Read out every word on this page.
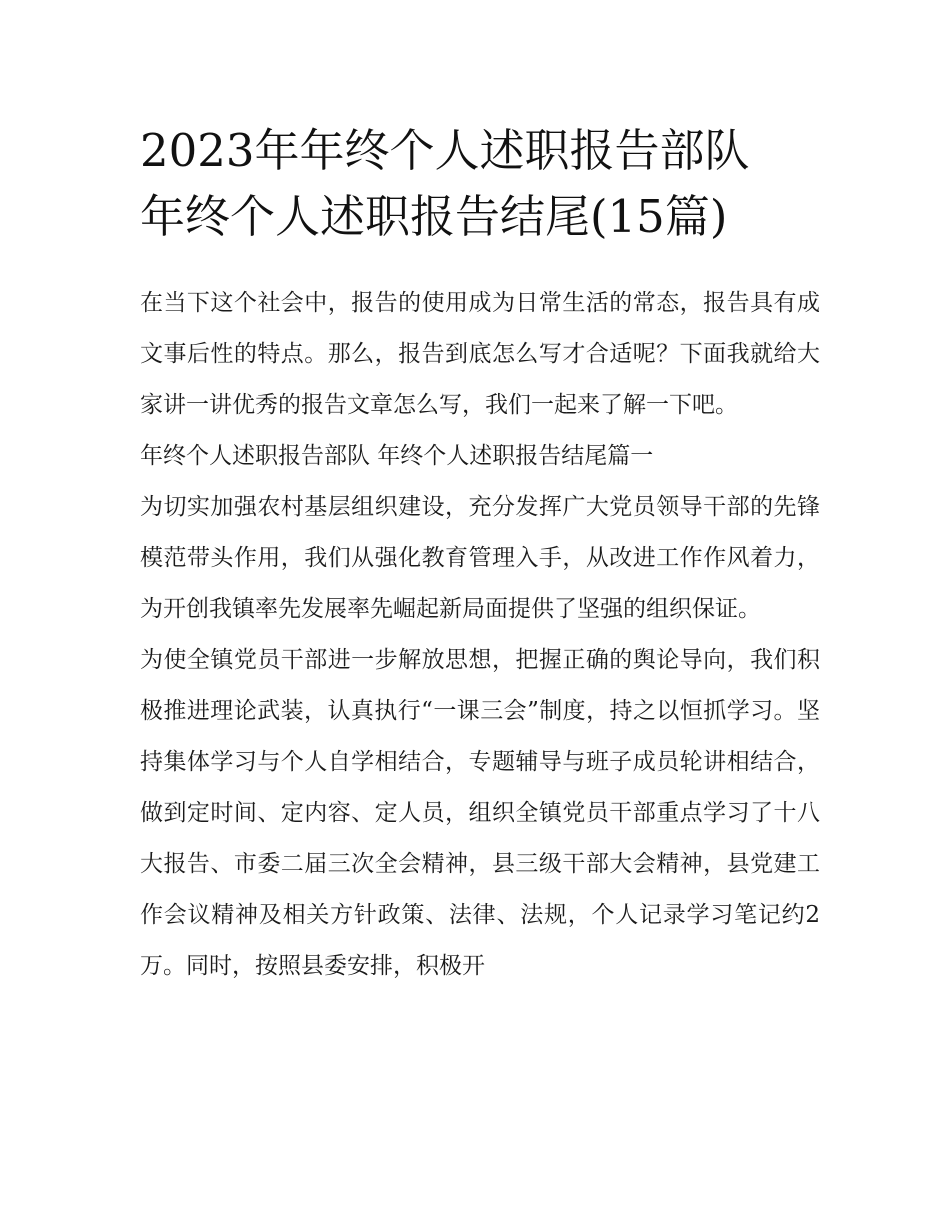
2023年年终个人述职报告部队
年终个人述职报告结尾(15篇)

在当下这个社会中，报告的使用成为日常生活的常态，报告具有成文事后性的特点。那么，报告到底怎么写才合适呢？下面我就给大家讲一讲优秀的报告文章怎么写，我们一起来了解一下吧。

年终个人述职报告部队 年终个人述职报告结尾篇一

为切实加强农村基层组织建设，充分发挥广大党员领导干部的先锋模范带头作用，我们从强化教育管理入手，从改进工作作风着力，为开创我镇率先发展率先崛起新局面提供了坚强的组织保证。

为使全镇党员干部进一步解放思想，把握正确的舆论导向，我们积极推进理论武装，认真执行“一课三会”制度，持之以恒抓学习。坚持集体学习与个人自学相结合，专题辅导与班子成员轮讲相结合，做到定时间、定内容、定人员，组织全镇党员干部重点学习了十八大报告、市委二届三次全会精神，县三级干部大会精神，县党建工作会议精神及相关方针政策、法律、法规，个人记录学习笔记约2万。同时，按照县委安排，积极开
